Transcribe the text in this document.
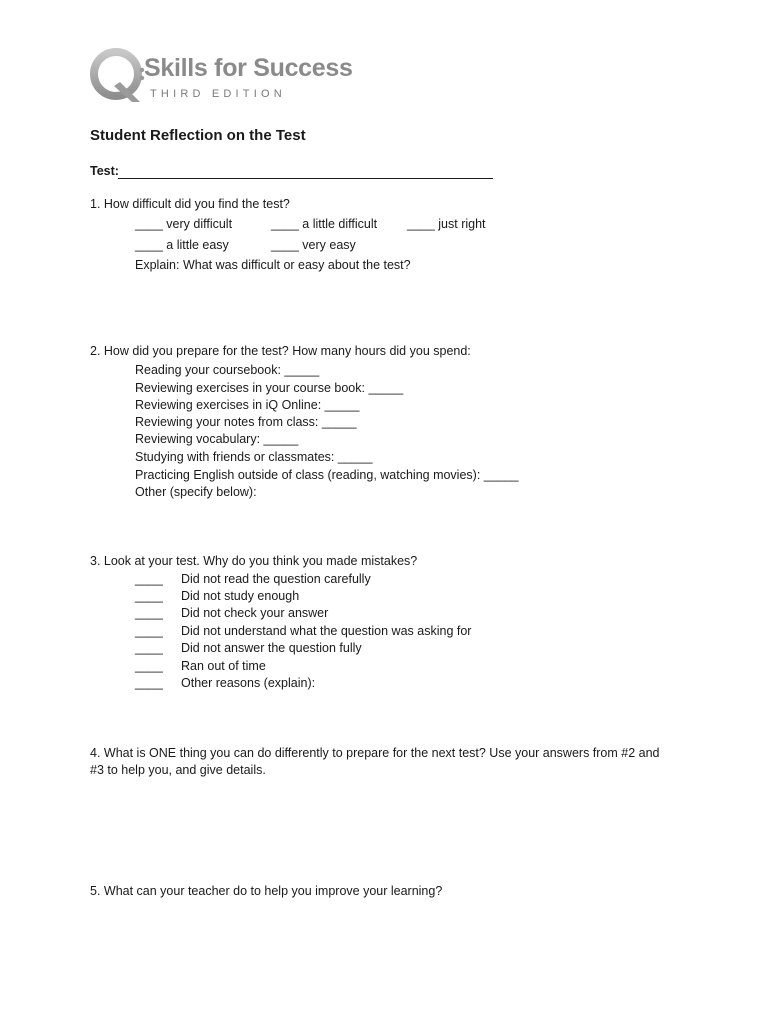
Skills for Success
THIRD EDITION
Student Reflection on the Test
Test:
1. How difficult did you find the test?
____ very difficult	____ a little difficult ____ just right
____ a little easy	____ very easy
Explain: What was difficult or easy about the test?
2. How did you prepare for the test? How many hours did you spend:
Reading your coursebook: _____
Reviewing exercises in your course book: _____
Reviewing exercises in iQ Online: _____
Reviewing your notes from class: _____
Reviewing vocabulary: _____
Studying with friends or classmates: _____
Practicing English outside of class (reading, watching movies): _____
Other (specify below):
3. Look at your test. Why do you think you made mistakes?
____ Did not read the question carefully
____ Did not study enough
____ Did not check your answer
____ Did not understand what the question was asking for
____ Did not answer the question fully
____ Ran out of time
____ Other reasons (explain):
4. What is ONE thing you can do differently to prepare for the next test? Use your answers from #2 and
#3 to help you, and give details.
5. What can your teacher do to help you improve your learning?
